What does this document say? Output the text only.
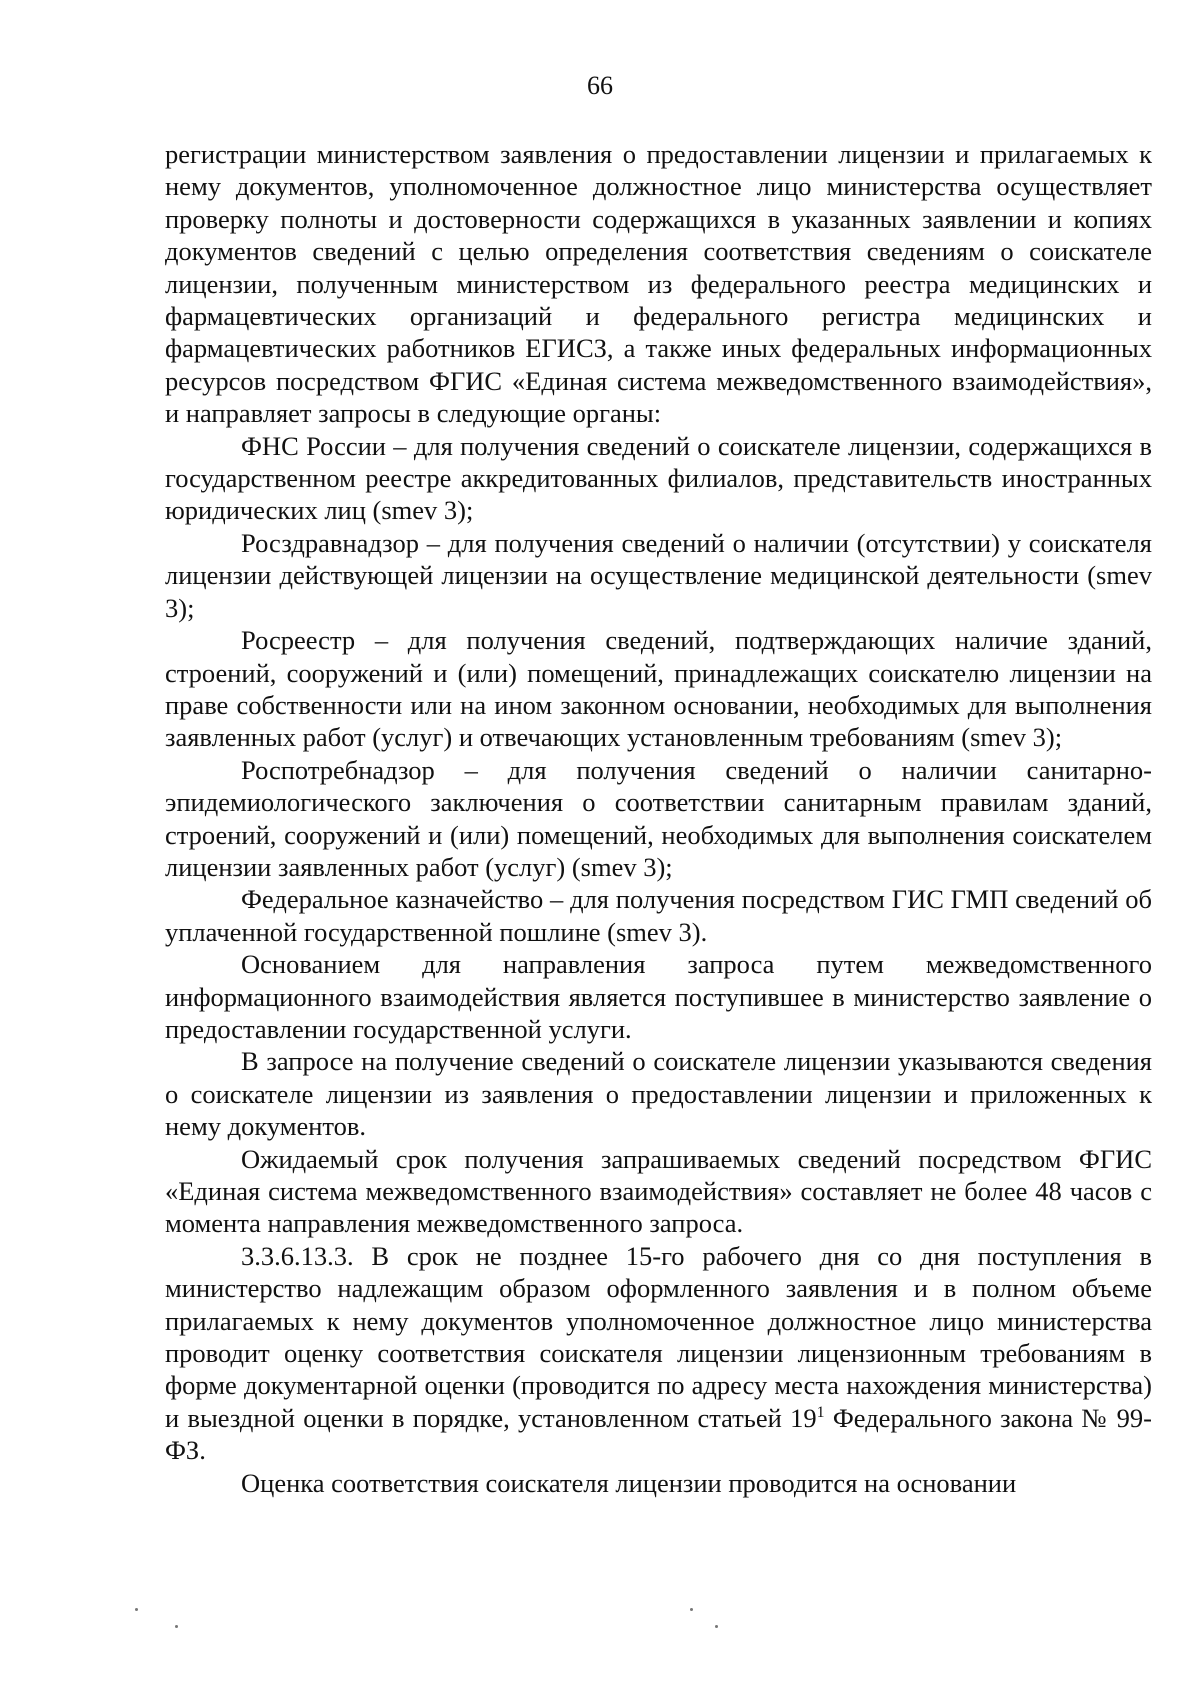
66

регистрации министерством заявления о предоставлении лицензии и прилагаемых к нему документов, уполномоченное должностное лицо министерства осуществляет проверку полноты и достоверности содержащихся в указанных заявлении и копиях документов сведений с целью определения соответствия сведениям о соискателе лицензии, полученным министерством из федерального реестра медицинских и фармацевтических организаций и федерального регистра медицинских и фармацевтических работников ЕГИСЗ, а также иных федеральных информационных ресурсов посредством ФГИС «Единая система межведомственного взаимодействия», и направляет запросы в следующие органы:

ФНС России – для получения сведений о соискателе лицензии, содержащихся в государственном реестре аккредитованных филиалов, представительств иностранных юридических лиц (smev 3);

Росздравнадзор – для получения сведений о наличии (отсутствии) у соискателя лицензии действующей лицензии на осуществление медицинской деятельности (smev 3);

Росреестр – для получения сведений, подтверждающих наличие зданий, строений, сооружений и (или) помещений, принадлежащих соискателю лицензии на праве собственности или на ином законном основании, необходимых для выполнения заявленных работ (услуг) и отвечающих установленным требованиям (smev 3);

Роспотребнадзор – для получения сведений о наличии санитарно-эпидемиологического заключения о соответствии санитарным правилам зданий, строений, сооружений и (или) помещений, необходимых для выполнения соискателем лицензии заявленных работ (услуг) (smev 3);

Федеральное казначейство – для получения посредством ГИС ГМП сведений об уплаченной государственной пошлине (smev 3).

Основанием для направления запроса путем межведомственного информационного взаимодействия является поступившее в министерство заявление о предоставлении государственной услуги.

В запросе на получение сведений о соискателе лицензии указываются сведения о соискателе лицензии из заявления о предоставлении лицензии и приложенных к нему документов.

Ожидаемый срок получения запрашиваемых сведений посредством ФГИС «Единая система межведомственного взаимодействия» составляет не более 48 часов с момента направления межведомственного запроса.

3.3.6.13.3. В срок не позднее 15-го рабочего дня со дня поступления в министерство надлежащим образом оформленного заявления и в полном объеме прилагаемых к нему документов уполномоченное должностное лицо министерства проводит оценку соответствия соискателя лицензии лицензионным требованиям в форме документарной оценки (проводится по адресу места нахождения министерства) и выездной оценки в порядке, установленном статьей $19^1$ Федерального закона № 99-ФЗ.

Оценка соответствия соискателя лицензии проводится на основании
